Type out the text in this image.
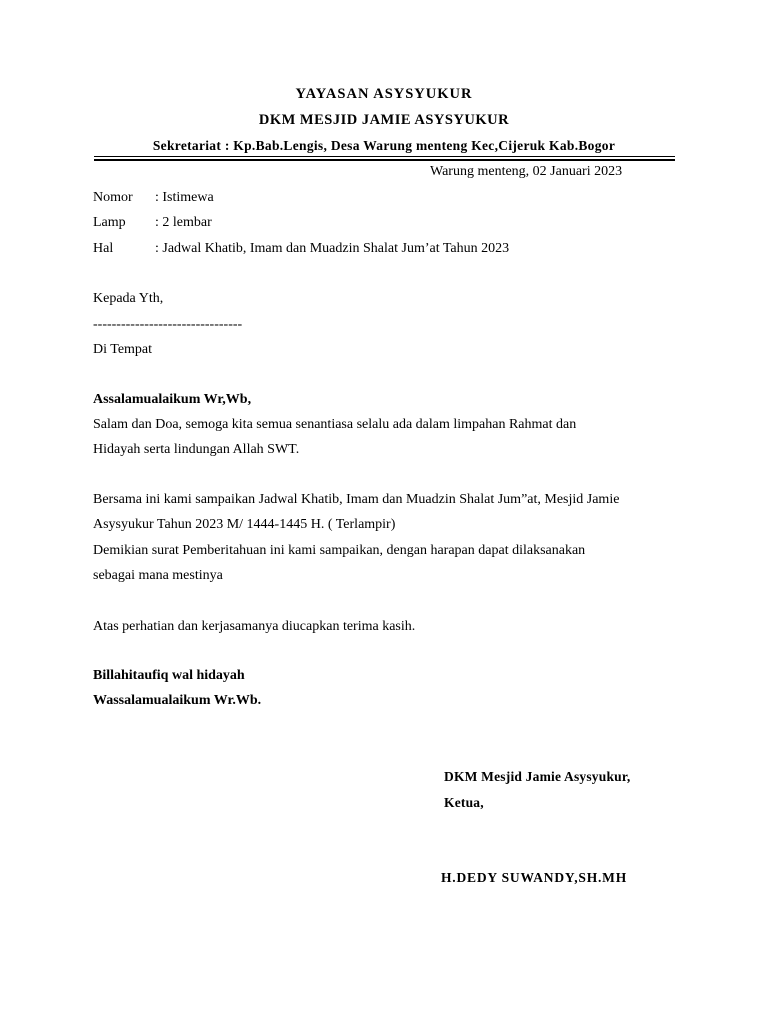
YAYASAN ASYSYUKUR
DKM MESJID JAMIE ASYSYUKUR
Sekretariat : Kp.Bab.Lengis, Desa Warung menteng Kec,Cijeruk Kab.Bogor
Warung menteng, 02 Januari 2023
Nomor : Istimewa
Lamp : 2 lembar
Hal	: Jadwal Khatib, Imam dan Muadzin Shalat Jum’at Tahun 2023
Kepada Yth,
--------------------------------
Di Tempat
Assalamualaikum Wr,Wb,
Salam dan Doa, semoga kita semua senantiasa selalu ada dalam limpahan Rahmat dan
Hidayah serta lindungan Allah SWT.
Bersama ini kami sampaikan Jadwal Khatib, Imam dan Muadzin Shalat Jum”at, Mesjid Jamie
Asysyukur Tahun 2023 M/ 1444-1445 H. ( Terlampir)
Demikian surat Pemberitahuan ini kami sampaikan, dengan harapan dapat dilaksanakan
sebagai mana mestinya
Atas perhatian dan kerjasamanya diucapkan terima kasih.
Billahitaufiq wal hidayah
Wassalamualaikum Wr.Wb.
DKM Mesjid Jamie Asysyukur,
Ketua,
H.DEDY SUWANDY,SH.MH
